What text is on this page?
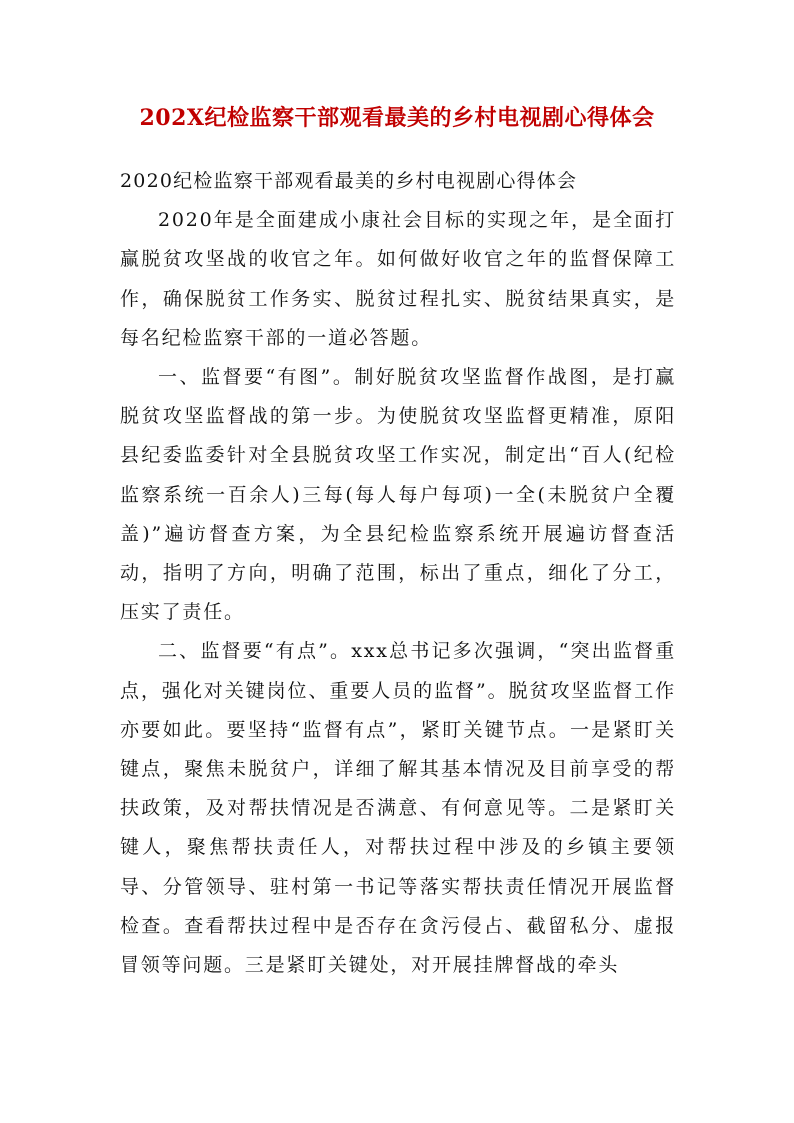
202X纪检监察干部观看最美的乡村电视剧心得体会

2020纪检监察干部观看最美的乡村电视剧心得体会

2020年是全面建成小康社会目标的实现之年，是全面打赢脱贫攻坚战的收官之年。如何做好收官之年的监督保障工作，确保脱贫工作务实、脱贫过程扎实、脱贫结果真实，是每名纪检监察干部的一道必答题。

一、监督要“有图”。制好脱贫攻坚监督作战图，是打赢脱贫攻坚监督战的第一步。为使脱贫攻坚监督更精准，原阳县纪委监委针对全县脱贫攻坚工作实况，制定出“百人(纪检监察系统一百余人)三每(每人每户每项)一全(未脱贫户全覆盖)”遍访督查方案，为全县纪检监察系统开展遍访督查活动，指明了方向，明确了范围，标出了重点，细化了分工，压实了责任。

二、监督要“有点”。xxx总书记多次强调，“突出监督重点，强化对关键岗位、重要人员的监督”。脱贫攻坚监督工作亦要如此。要坚持“监督有点”，紧盯关键节点。一是紧盯关键点，聚焦未脱贫户，详细了解其基本情况及目前享受的帮扶政策，及对帮扶情况是否满意、有何意见等。二是紧盯关键人，聚焦帮扶责任人，对帮扶过程中涉及的乡镇主要领导、分管领导、驻村第一书记等落实帮扶责任情况开展监督检查。查看帮扶过程中是否存在贪污侵占、截留私分、虚报冒领等问题。三是紧盯关键处，对开展挂牌督战的牵头
